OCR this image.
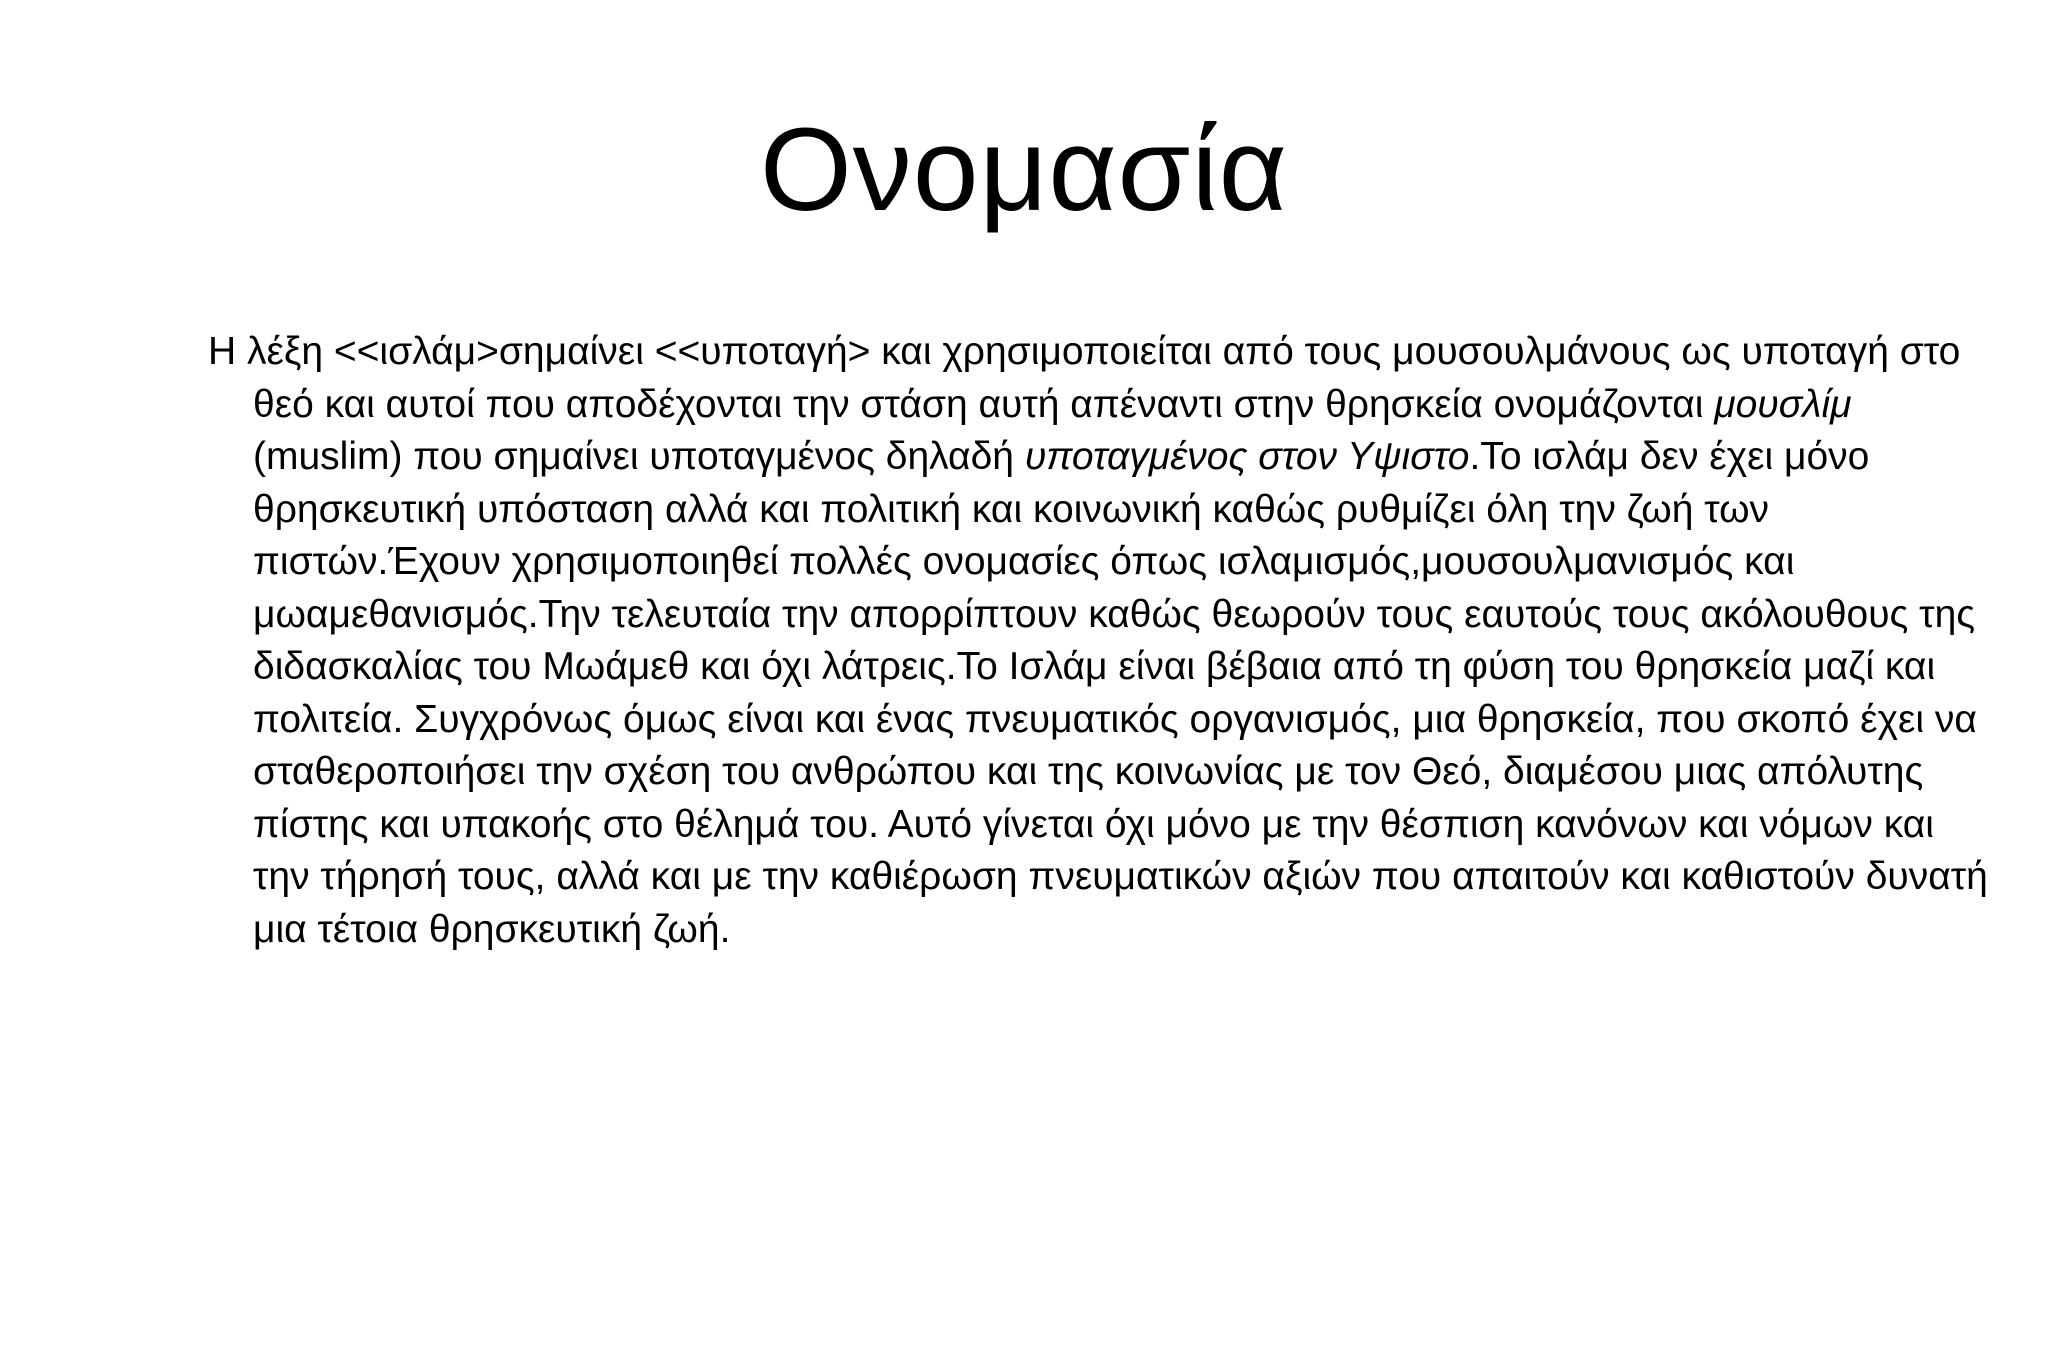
Ονομασία

Η λέξη <<ισλάμ>σημαίνει <<υποταγή> και χρησιμοποιείται από τους μουσουλμάνους ως υποταγή στο θεό και αυτοί που αποδέχονται την στάση αυτή απέναντι στην θρησκεία ονομάζονται μουσλίμ (muslim) που σημαίνει υποταγμένος δηλαδή υποταγμένος στον Υψιστο.Το ισλάμ δεν έχει μόνο θρησκευτική υπόσταση αλλά και πολιτική και κοινωνική καθώς ρυθμίζει όλη την ζωή των πιστών.Έχουν χρησιμοποιηθεί πολλές ονομασίες όπως ισλαμισμός,μουσουλμανισμός και μωαμεθανισμός.Την τελευταία την απορρίπτουν καθώς θεωρούν τους εαυτούς τους ακόλουθους της διδασκαλίας του Μωάμεθ και όχι λάτρεις.Το Ισλάμ είναι βέβαια από τη φύση του θρησκεία μαζί και πολιτεία. Συγχρόνως όμως είναι και ένας πνευματικός οργανισμός, μια θρησκεία, που σκοπό έχει να σταθεροποιήσει την σχέση του ανθρώπου και της κοινωνίας με τον Θεό, διαμέσου μιας απόλυτης πίστης και υπακοής στο θέλημά του. Αυτό γίνεται όχι μόνο με την θέσπιση κανόνων και νόμων και την τήρησή τους, αλλά και με την καθιέρωση πνευματικών αξιών που απαιτούν και καθιστούν δυνατή μια τέτοια θρησκευτική ζωή.
